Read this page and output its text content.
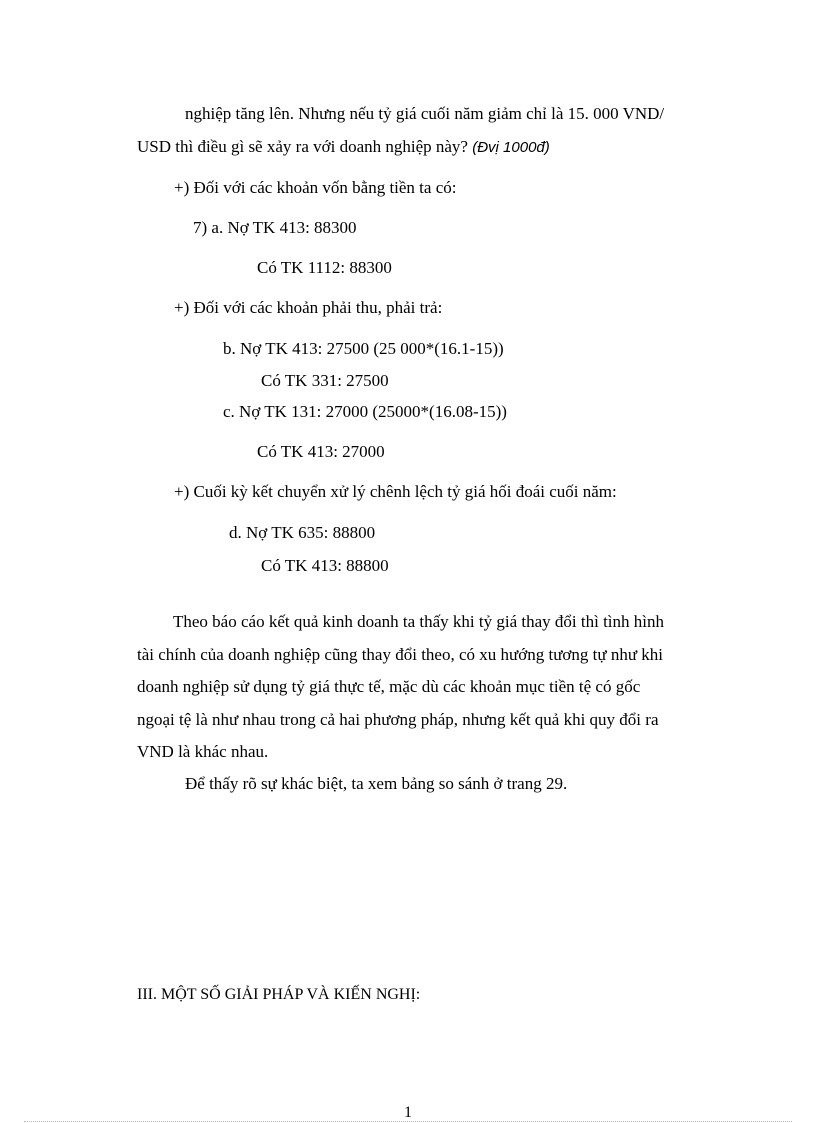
nghiệp tăng lên. Nhưng nếu tỷ giá cuối năm giảm chỉ là 15. 000 VND/
USD thì điều gì sẽ xảy ra với doanh nghiệp này? (Đvị 1000đ)
+) Đối với các khoản vốn bằng tiền ta có:
7) a. Nợ TK 413: 88300
Có TK 1112: 88300
+) Đối với các khoản phải thu, phải trả:
b. Nợ TK 413: 27500 (25 000*(16.1-15))
Có TK 331: 27500
c. Nợ TK 131: 27000 (25000*(16.08-15))
Có TK 413: 27000
+) Cuối kỳ kết chuyển xử lý chênh lệch tỷ giá hối đoái cuối năm:
d. Nợ TK 635: 88800
Có TK 413: 88800
Theo báo cáo kết quả kinh doanh ta thấy khi tỷ giá thay đổi thì tình hình
tài chính của doanh nghiệp cũng thay đổi theo, có xu hướng tương tự như khi
doanh nghiệp sử dụng tỷ giá thực tế, mặc dù các khoản mục tiền tệ có gốc
ngoại tệ là như nhau trong cả hai phương pháp, nhưng kết quả khi quy đổi ra
VND là khác nhau.
Để thấy rõ sự khác biệt, ta xem bảng so sánh ở trang 29.
III. MỘT SỐ GIẢI PHÁP VÀ KIẾN NGHỊ:
1
